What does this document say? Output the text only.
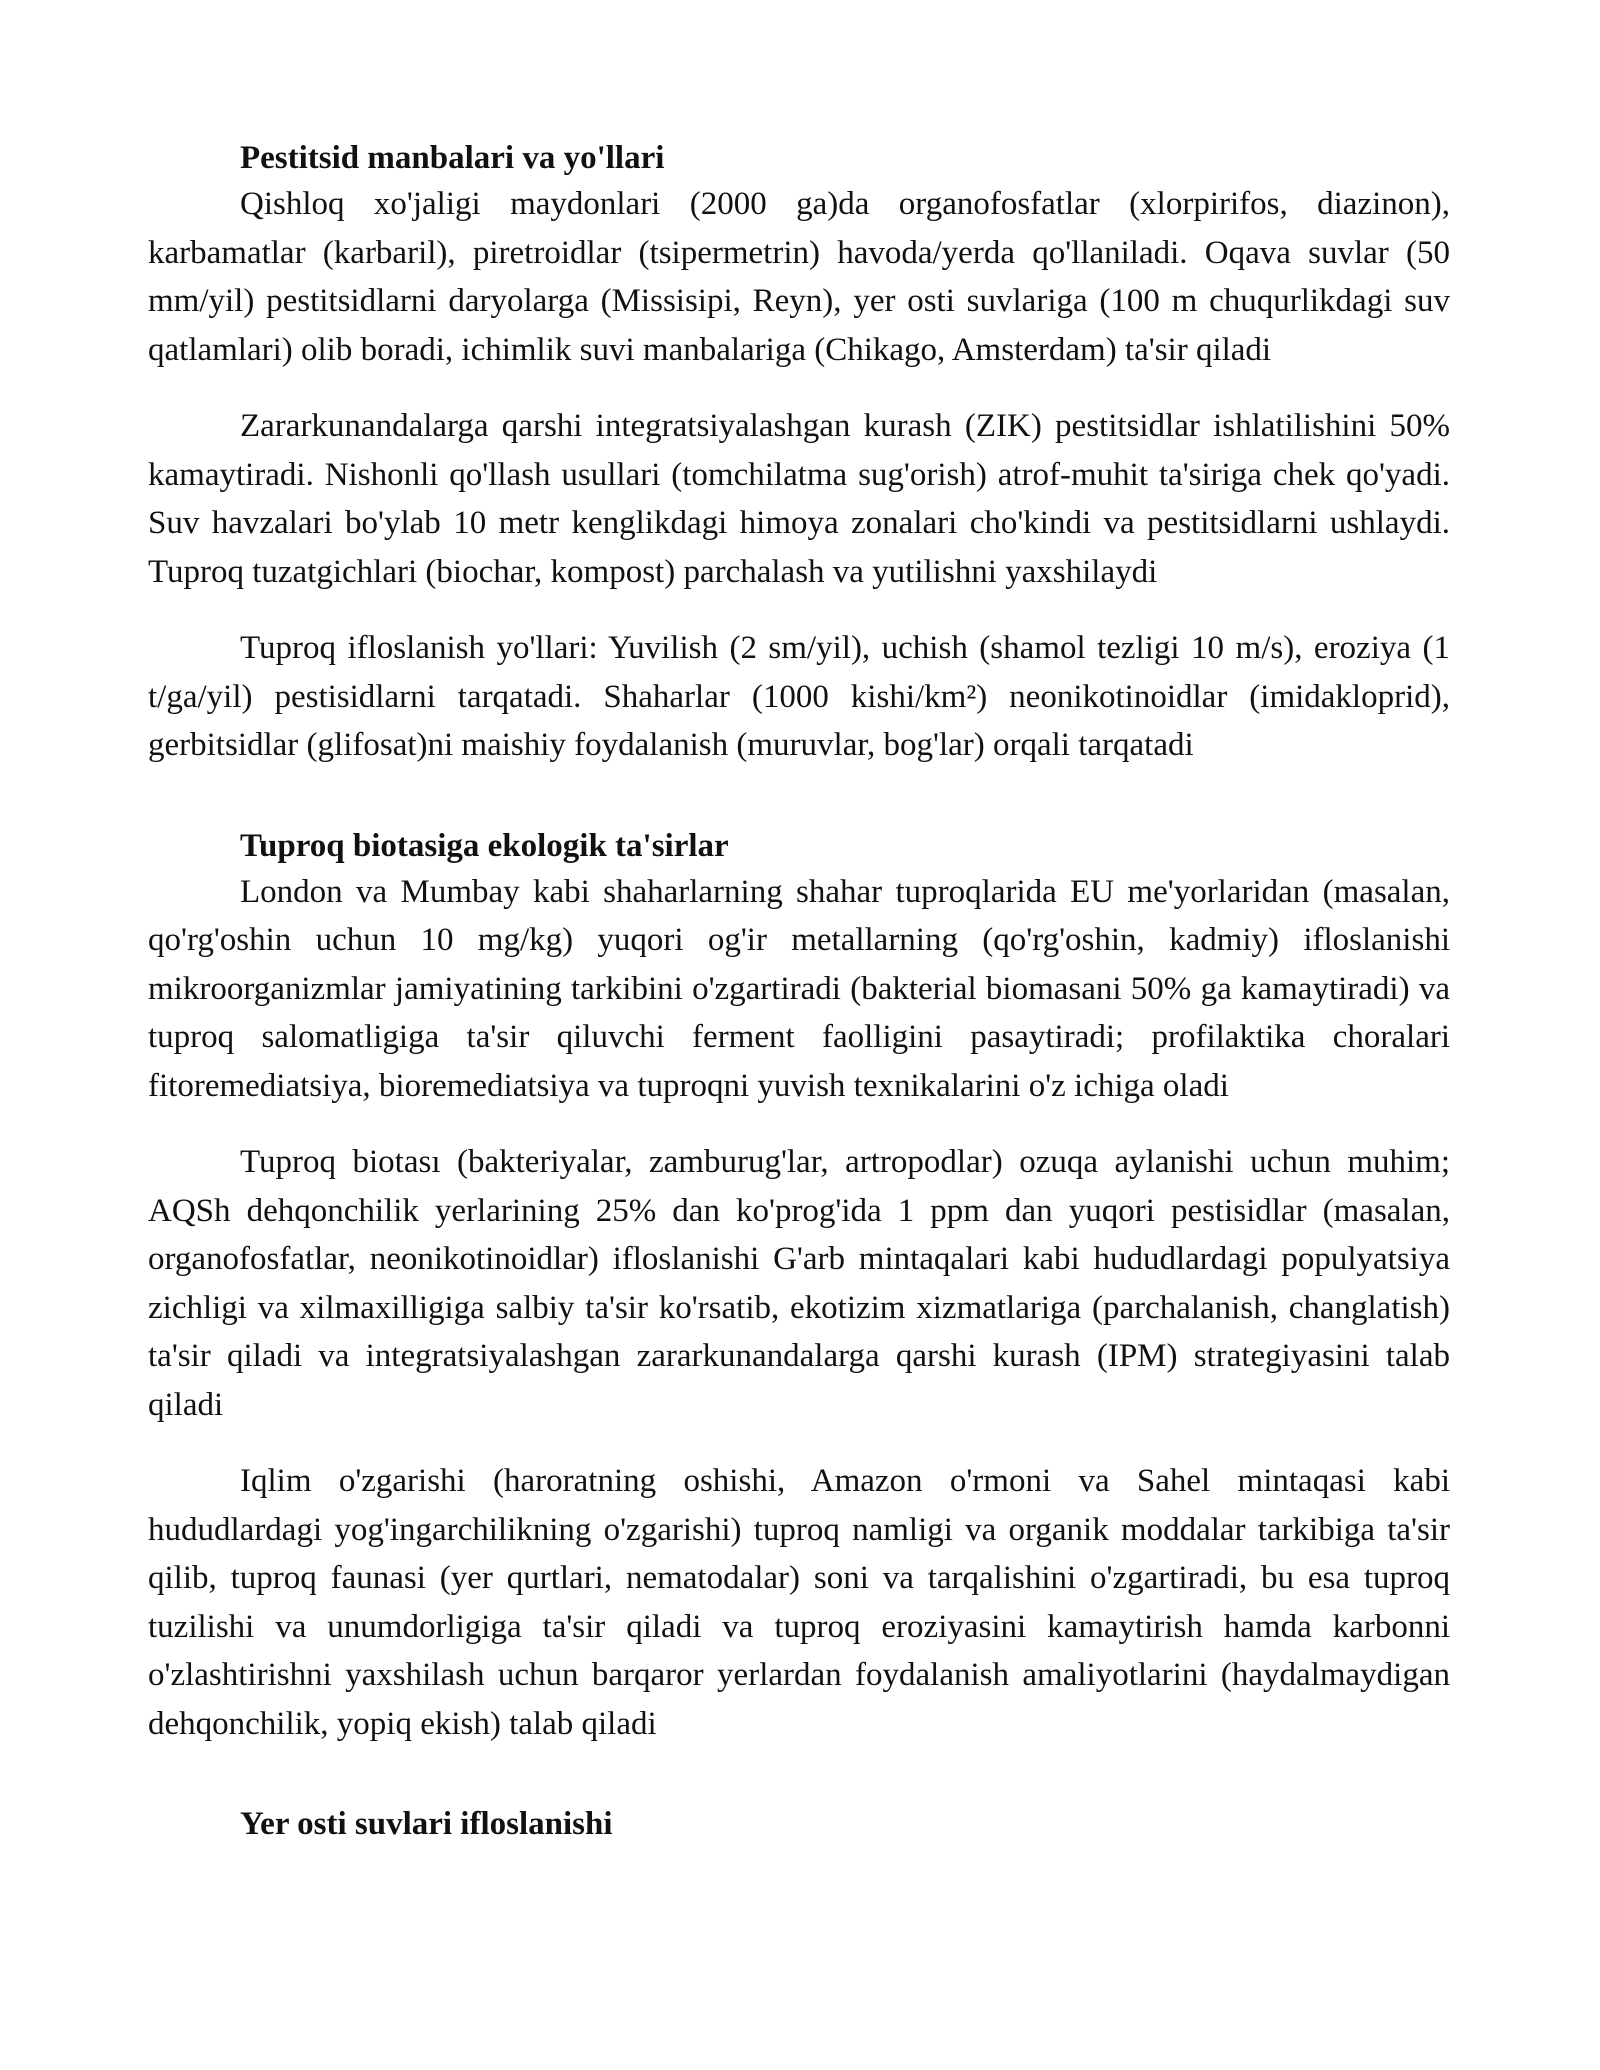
Pestitsid manbalari va yo'llari

Qishloq xo'jaligi maydonlari (2000 ga)da organofosfatlar (xlorpirifos, diazinon), karbamatlar (karbaril), piretroidlar (tsipermetrin) havoda/yerda qo'llaniladi. Oqava suvlar (50 mm/yil) pestitsidlarni daryolarga (Missisipi, Reyn), yer osti suvlariga (100 m chuqurlikdagi suv qatlamlari) olib boradi, ichimlik suvi manbalariga (Chikago, Amsterdam) ta'sir qiladi

Zararkunandalarga qarshi integratsiyalashgan kurash (ZIK) pestitsidlar ishlatilishini 50% kamaytiradi. Nishonli qo'llash usullari (tomchilatma sug'orish) atrof-muhit ta'siriga chek qo'yadi. Suv havzalari bo'ylab 10 metr kenglikdagi himoya zonalari cho'kindi va pestitsidlarni ushlaydi. Tuproq tuzatgichlari (biochar, kompost) parchalash va yutilishni yaxshilaydi

Tuproq ifloslanish yo'llari: Yuvilish (2 sm/yil), uchish (shamol tezligi 10 m/s), eroziya (1 t/ga/yil) pestisidlarni tarqatadi. Shaharlar (1000 kishi/km²) neonikotinoidlar (imidakloprid), gerbitsidlar (glifosat)ni maishiy foydalanish (muruvlar, bog'lar) orqali tarqatadi

Tuproq biotasiga ekologik ta'sirlar

London va Mumbay kabi shaharlarning shahar tuproqlarida EU me'yorlaridan (masalan, qo'rg'oshin uchun 10 mg/kg) yuqori og'ir metallarning (qo'rg'oshin, kadmiy) ifloslanishi mikroorganizmlar jamiyatining tarkibini o'zgartiradi (bakterial biomasani 50% ga kamaytiradi) va tuproq salomatligiga ta'sir qiluvchi ferment faolligini pasaytiradi; profilaktika choralari fitoremediatsiya, bioremediatsiya va tuproqni yuvish texnikalarini o'z ichiga oladi

Tuproq biotası (bakteriyalar, zamburug'lar, artropodlar) ozuqa aylanishi uchun muhim; AQSh dehqonchilik yerlarining 25% dan ko'prog'ida 1 ppm dan yuqori pestisidlar (masalan, organofosfatlar, neonikotinoidlar) ifloslanishi G'arb mintaqalari kabi hududlardagi populyatsiya zichligi va xilmaxilligiga salbiy ta'sir ko'rsatib, ekotizim xizmatlariga (parchalanish, changlatish) ta'sir qiladi va integratsiyalashgan zararkunandalarga qarshi kurash (IPM) strategiyasini talab qiladi

Iqlim o'zgarishi (haroratning oshishi, Amazon o'rmoni va Sahel mintaqasi kabi hududlardagi yog'ingarchilikning o'zgarishi) tuproq namligi va organik moddalar tarkibiga ta'sir qilib, tuproq faunasi (yer qurtlari, nematodalar) soni va tarqalishini o'zgartiradi, bu esa tuproq tuzilishi va unumdorligiga ta'sir qiladi va tuproq eroziyasini kamaytirish hamda karbonni o'zlashtirishni yaxshilash uchun barqaror yerlardan foydalanish amaliyotlarini (haydalmaydigan dehqonchilik, yopiq ekish) talab qiladi

Yer osti suvlari ifloslanishi
